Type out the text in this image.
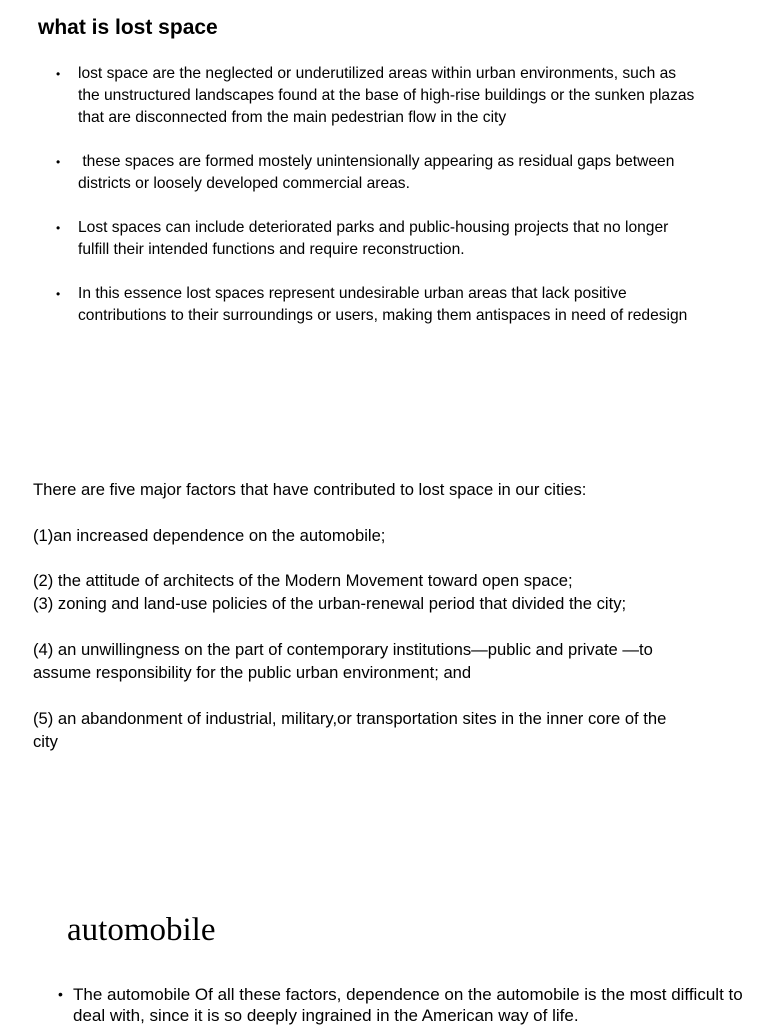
what is lost space
• lost space are the neglected or underutilized areas within urban environments, such as the unstructured landscapes found at the base of high-rise buildings or the sunken plazas that are disconnected from the main pedestrian flow in the city
• these spaces are formed mostely unintensionally appearing as residual gaps between districts or loosely developed commercial areas.
• Lost spaces can include deteriorated parks and public-housing projects that no longer fulfill their intended functions and require reconstruction.
• In this essence lost spaces represent undesirable urban areas that lack positive contributions to their surroundings or users, making them antispaces in need of redesign

There are five major factors that have contributed to lost space in our cities:

(1)an increased dependence on the automobile;

(2) the attitude of architects of the Modern Movement toward open space;

(3) zoning and land-use policies of the urban-renewal period that divided the city;

(4) an unwillingness on the part of contemporary institutions—public and private —to assume responsibility for the public urban environment; and

(5) an abandonment of industrial, military,or transportation sites in the inner core of the city

automobile
• The automobile Of all these factors, dependence on the automobile is the most difficult to deal with, since it is so deeply ingrained in the American way of life.
